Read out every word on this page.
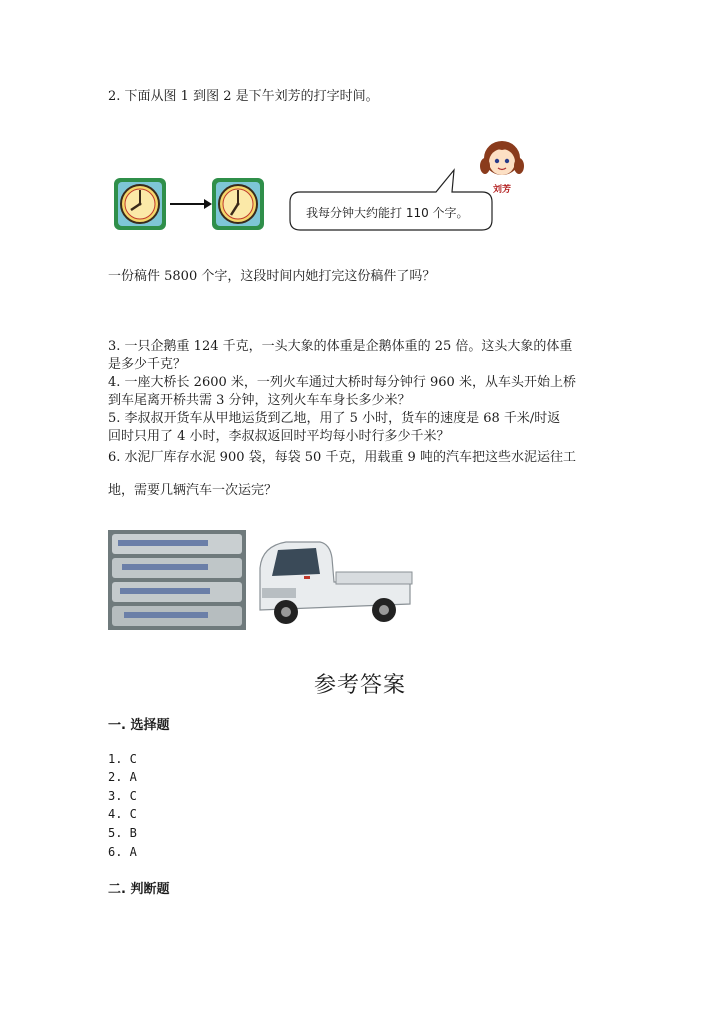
2. 下面从图 1 到图 2 是下午刘芳的打字时间。
我每分钟大约能打 110 个字。
刘芳
一份稿件 5800 个字，这段时间内她打完这份稿件了吗？
3. 一只企鹅重 124 千克，一头大象的体重是企鹅体重的 25 倍。这头大象的体重
是多少千克？
4. 一座大桥长 2600 米，一列火车通过大桥时每分钟行 960 米，从车头开始上桥
到车尾离开桥共需 3 分钟，这列火车车身长多少米？
5. 李叔叔开货车从甲地运货到乙地，用了 5 小时，货车的速度是 68 千米/时返
回时只用了 4 小时，李叔叔返回时平均每小时行多少千米？
6. 水泥厂库存水泥 900 袋，每袋 50 千克，用载重 9 吨的汽车把这些水泥运往工
地，需要几辆汽车一次运完？
参考答案
一. 选择题
1. C
2. A
3. C
4. C
5. B
6. A
二. 判断题
